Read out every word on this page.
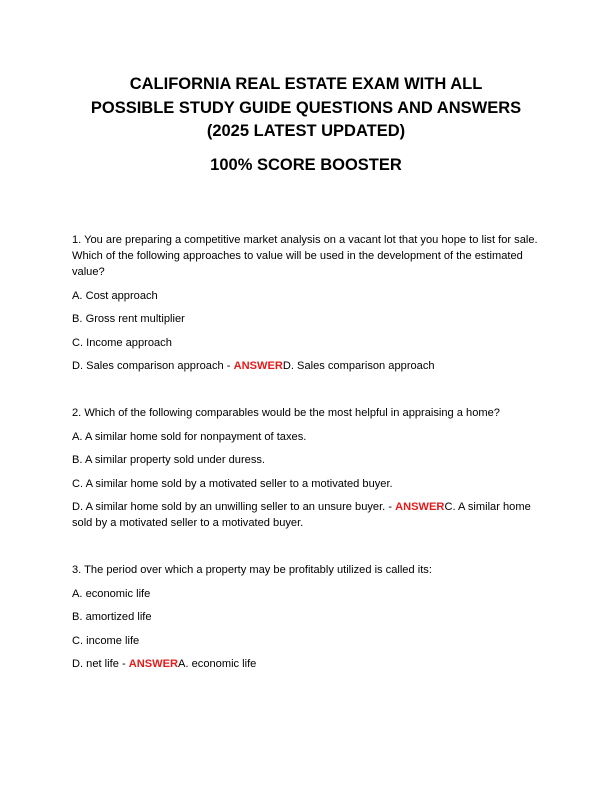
CALIFORNIA REAL ESTATE EXAM WITH ALL
POSSIBLE STUDY GUIDE QUESTIONS AND ANSWERS
(2025 LATEST UPDATED)
100% SCORE BOOSTER

1. You are preparing a competitive market analysis on a vacant lot that you hope to list for sale. Which of the following approaches to value will be used in the development of the estimated value?

A. Cost approach

B. Gross rent multiplier

C. Income approach

D. Sales comparison approach - ANSWERD. Sales comparison approach

2. Which of the following comparables would be the most helpful in appraising a home?

A. A similar home sold for nonpayment of taxes.

B. A similar property sold under duress.

C. A similar home sold by a motivated seller to a motivated buyer.

D. A similar home sold by an unwilling seller to an unsure buyer. - ANSWERC. A similar home sold by a motivated seller to a motivated buyer.

3. The period over which a property may be profitably utilized is called its:

A. economic life

B. amortized life

C. income life

D. net life - ANSWERA. economic life
